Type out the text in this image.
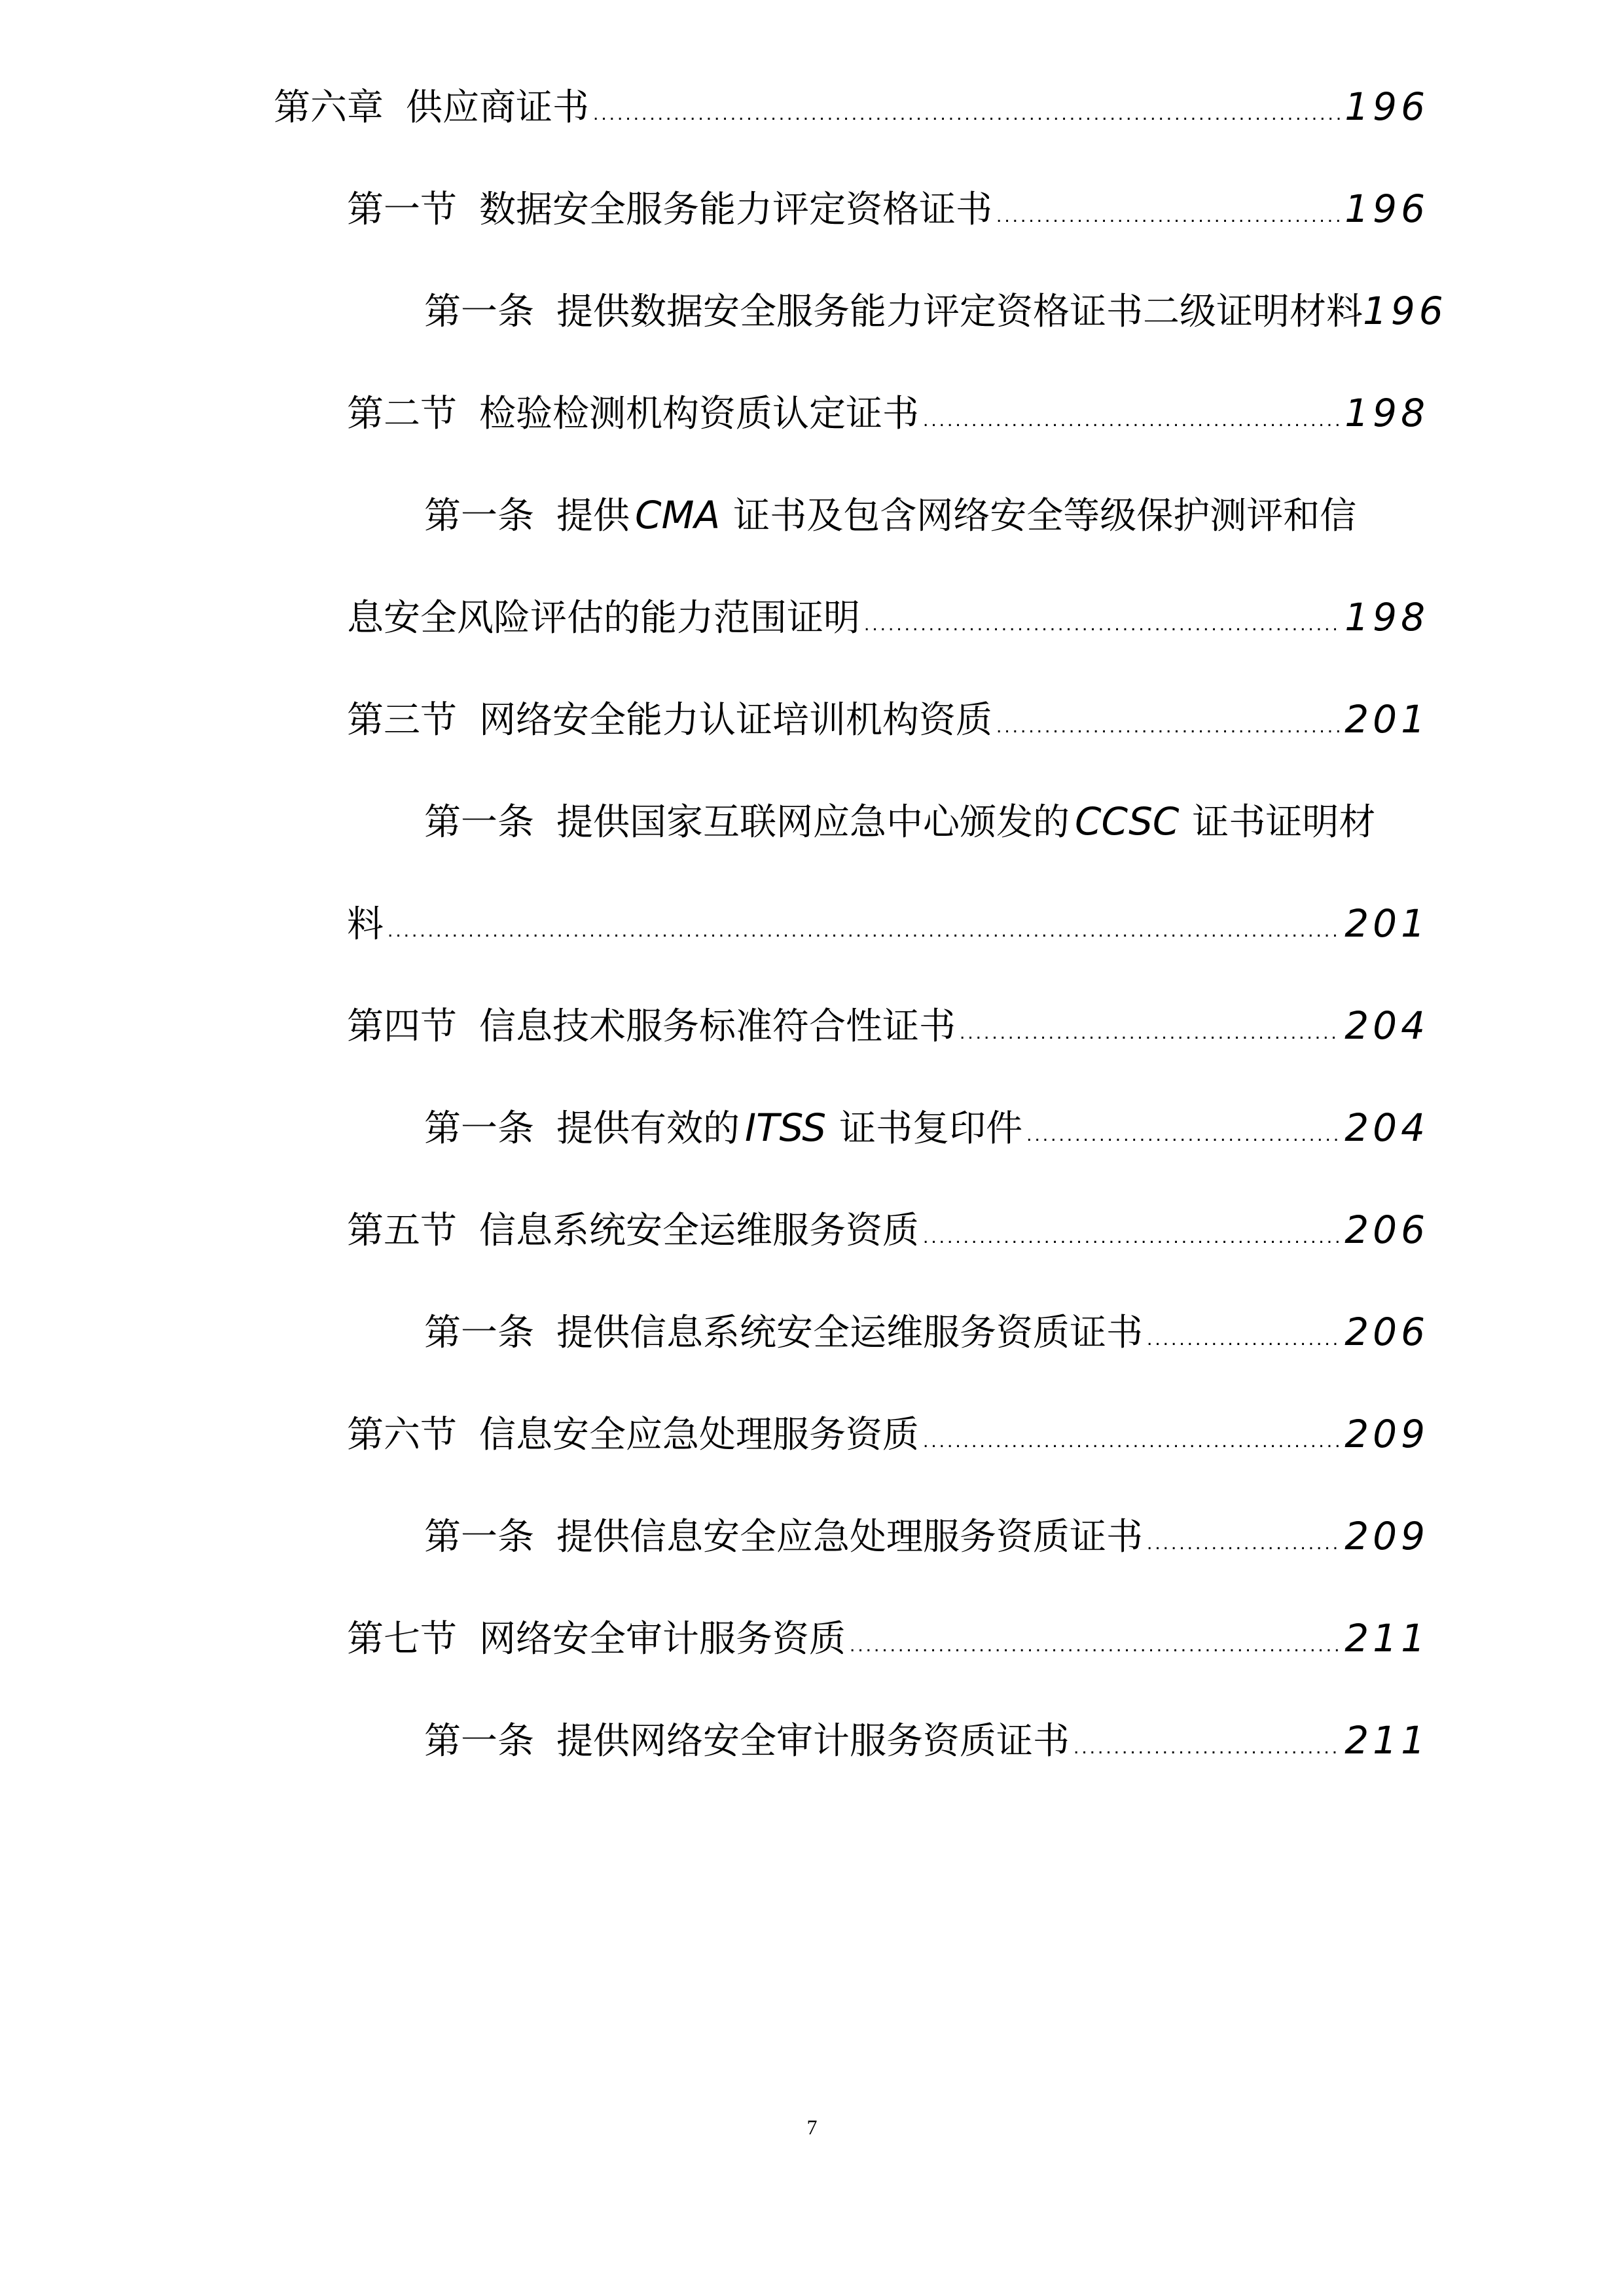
第六章 供应商证书 .....	196
第一节 数据安全服务能力评定资格证书 .....	196
第一条 提供数据安全服务能力评定资格证书二级证明材料 196
第二节 检验检测机构资质认定证书 .....	198
第一条 提供 CMA 证书及包含网络安全等级保护测评和信
息安全风险评估的能力范围证明 .....	198
第三节 网络安全能力认证培训机构资质 .....	201
第一条 提供国家互联网应急中心颁发的 CCSC 证书证明材
料 .....	201
第四节 信息技术服务标准符合性证书 .....	204
第一条 提供有效的 ITSS 证书复印件 .....	204
第五节 信息系统安全运维服务资质 .....	206
第一条 提供信息系统安全运维服务资质证书 .....	206
第六节 信息安全应急处理服务资质 .....	209
第一条 提供信息安全应急处理服务资质证书 .....	209
第七节 网络安全审计服务资质 .....	211
第一条 提供网络安全审计服务资质证书 .....	211
7
